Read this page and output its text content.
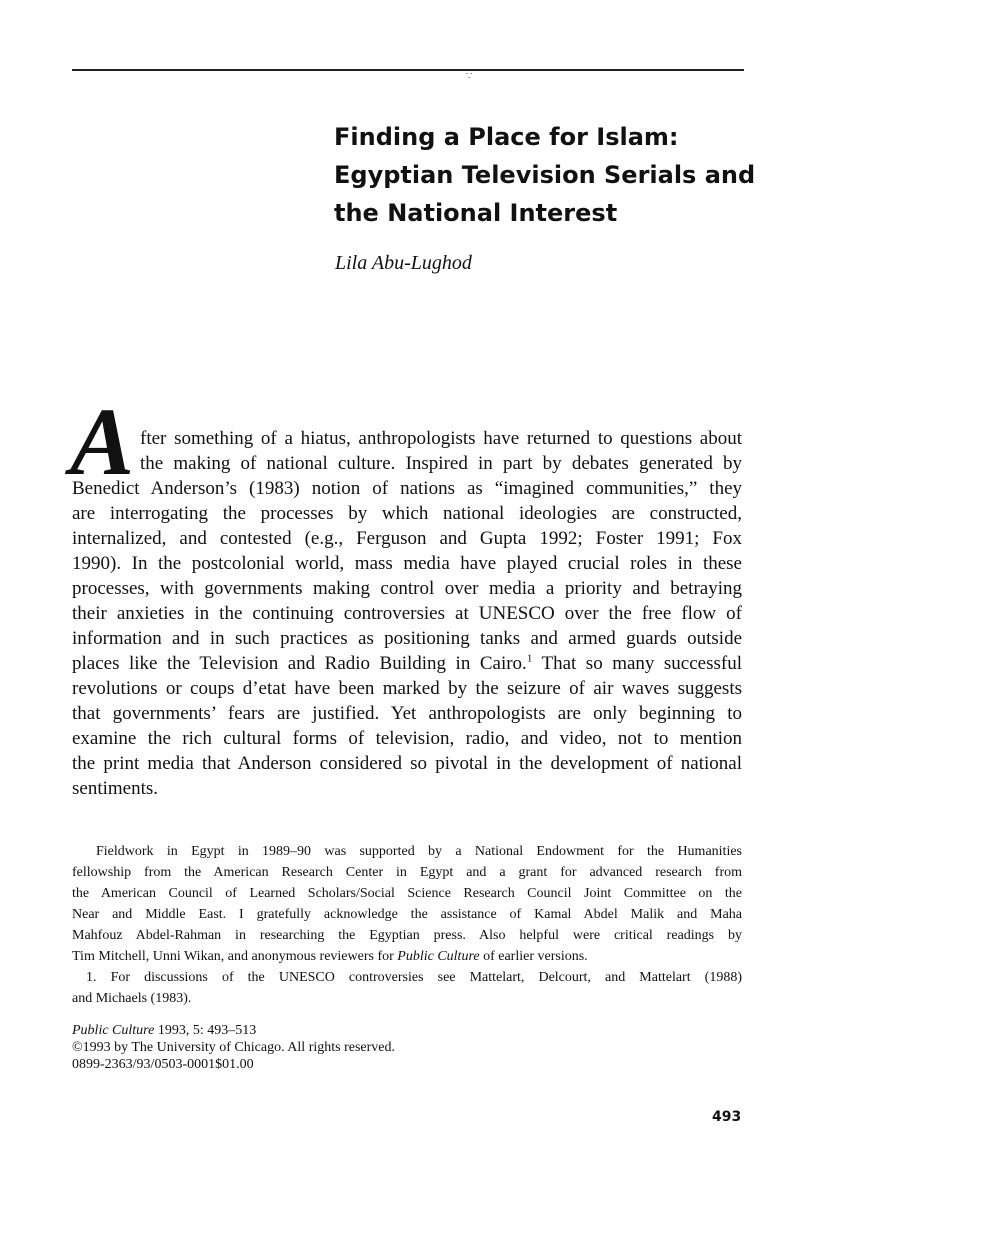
∵
Finding a Place for Islam:
Egyptian Television Serials and
the National Interest
Lila Abu-Lughod
A fter something of a hiatus, anthropologists have returned to questions about
the making of national culture. Inspired in part by debates generated by
Benedict Anderson’s (1983) notion of nations as “imagined communities,” they
are interrogating the processes by which national ideologies are constructed,
internalized, and contested (e.g., Ferguson and Gupta 1992; Foster 1991; Fox
1990). In the postcolonial world, mass media have played crucial roles in these
processes, with governments making control over media a priority and betraying
their anxieties in the continuing controversies at UNESCO over the free flow of
information and in such practices as positioning tanks and armed guards outside
places like the Television and Radio Building in Cairo.$^1$ That so many successful
revolutions or coups d’etat have been marked by the seizure of air waves suggests
that governments’ fears are justified. Yet anthropologists are only beginning to
examine the rich cultural forms of television, radio, and video, not to mention
the print media that Anderson considered so pivotal in the development of national
sentiments.
Fieldwork in Egypt in 1989–90 was supported by a National Endowment for the Humanities
fellowship from the American Research Center in Egypt and a grant for advanced research from
the American Council of Learned Scholars/Social Science Research Council Joint Committee on the
Near and Middle East. I gratefully acknowledge the assistance of Kamal Abdel Malik and Maha
Mahfouz Abdel-Rahman in researching the Egyptian press. Also helpful were critical readings by
Tim Mitchell, Unni Wikan, and anonymous reviewers for Public Culture of earlier versions.
1. For discussions of the UNESCO controversies see Mattelart, Delcourt, and Mattelart (1988)
and Michaels (1983).
Public Culture 1993, 5: 493–513
©1993 by The University of Chicago. All rights reserved.
0899-2363/93/0503-0001$01.00
493
